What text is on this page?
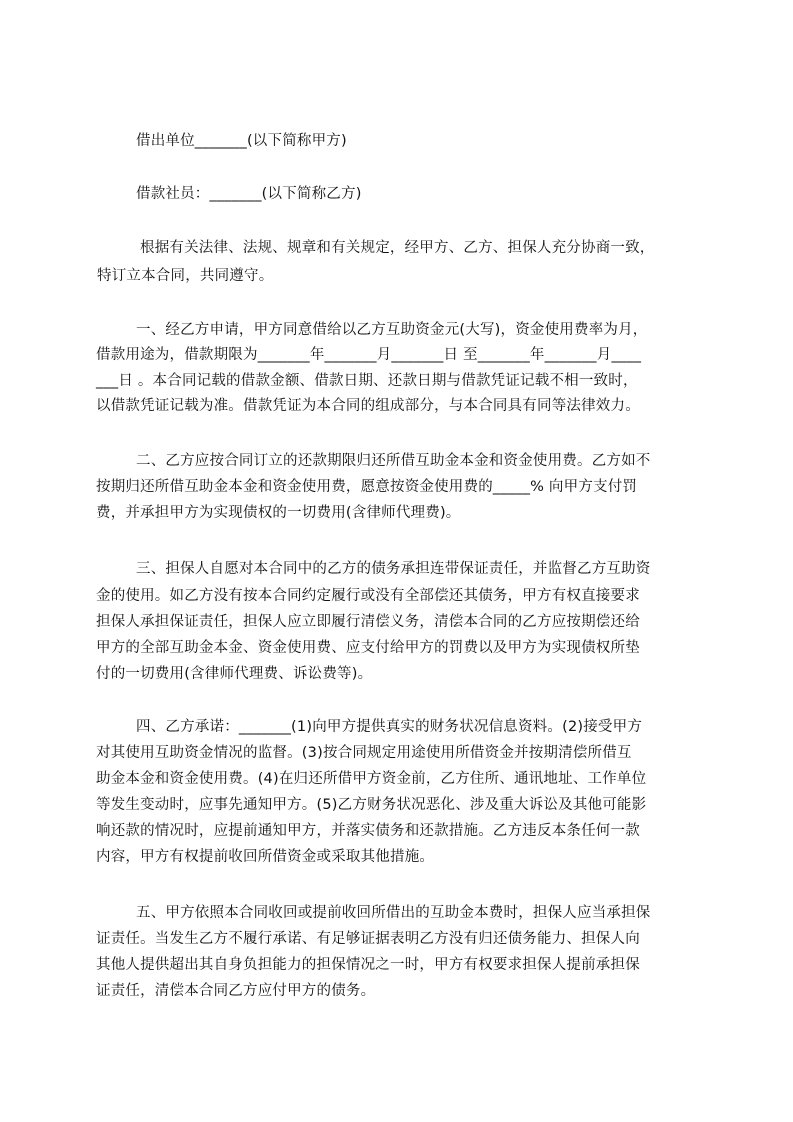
借出单位_______(以下简称甲方)
借款社员：_______(以下简称乙方)
根据有关法律、法规、规章和有关规定，经甲方、乙方、担保人充分协商一致，
特订立本合同，共同遵守。
一、经乙方申请，甲方同意借给以乙方互助资金元(大写)，资金使用费率为月，
借款用途为，借款期限为_______年_______月_______日 至_______年_______月____
___日 。本合同记载的借款金额、借款日期、还款日期与借款凭证记载不相一致时，
以借款凭证记载为准。借款凭证为本合同的组成部分，与本合同具有同等法律效力。
二、乙方应按合同订立的还款期限归还所借互助金本金和资金使用费。乙方如不
按期归还所借互助金本金和资金使用费，愿意按资金使用费的_____% 向甲方支付罚
费，并承担甲方为实现债权的一切费用(含律师代理费)。
三、担保人自愿对本合同中的乙方的债务承担连带保证责任，并监督乙方互助资
金的使用。如乙方没有按本合同约定履行或没有全部偿还其债务，甲方有权直接要求
担保人承担保证责任，担保人应立即履行清偿义务，清偿本合同的乙方应按期偿还给
甲方的全部互助金本金、资金使用费、应支付给甲方的罚费以及甲方为实现债权所垫
付的一切费用(含律师代理费、诉讼费等)。
四、乙方承诺：_______(1)向甲方提供真实的财务状况信息资料。(2)接受甲方
对其使用互助资金情况的监督。(3)按合同规定用途使用所借资金并按期清偿所借互
助金本金和资金使用费。(4)在归还所借甲方资金前，乙方住所、通讯地址、工作单位
等发生变动时，应事先通知甲方。(5)乙方财务状况恶化、涉及重大诉讼及其他可能影
响还款的情况时，应提前通知甲方，并落实债务和还款措施。乙方违反本条任何一款
内容，甲方有权提前收回所借资金或采取其他措施。
五、甲方依照本合同收回或提前收回所借出的互助金本费时，担保人应当承担保
证责任。当发生乙方不履行承诺、有足够证据表明乙方没有归还债务能力、担保人向
其他人提供超出其自身负担能力的担保情况之一时，甲方有权要求担保人提前承担保
证责任，清偿本合同乙方应付甲方的债务。
